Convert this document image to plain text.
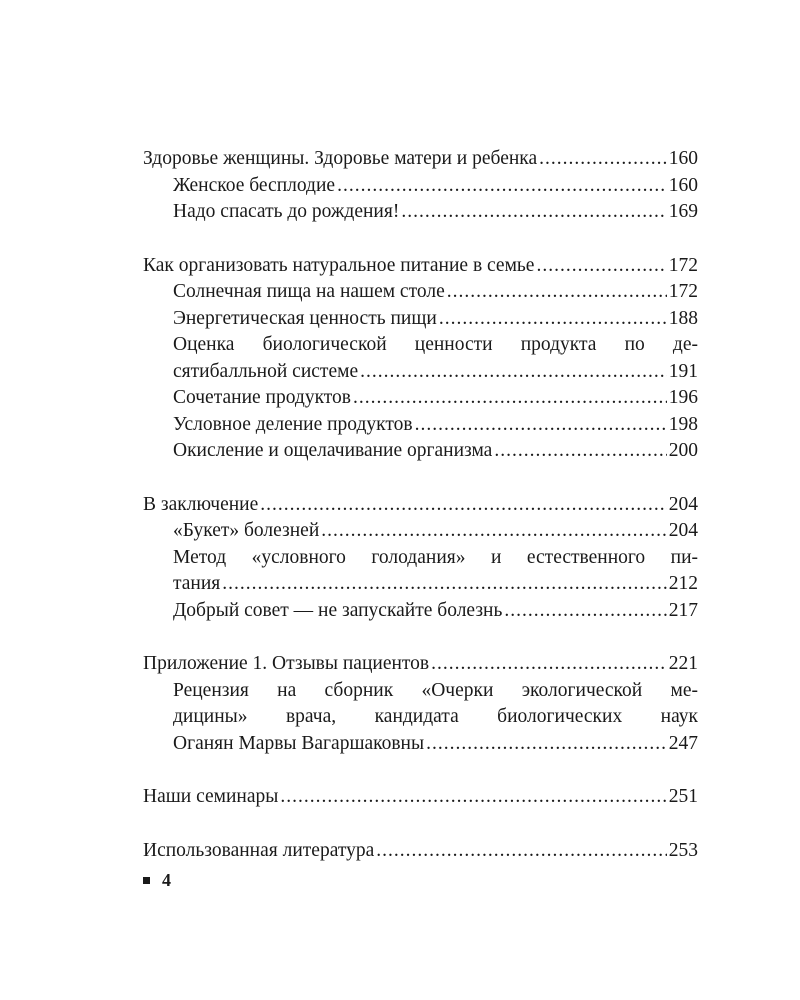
Здоровье женщины. Здоровье матери и ребенка .....	160
Женское бесплодие .....	160
Надо спасать до рождения! .....	169
Как организовать натуральное питание в семье .....	172
Солнечная пища на нашем столе .....	172
Энергетическая ценность пищи .....	188
Оценка биологической ценности продукта по де-
сятибалльной системе .....	191
Сочетание продуктов .....	196
Условное деление продуктов .....	198
Окисление и ощелачивание организма .....	200
В заключение .....	204
«Букет» болезней .....	204
Метод «условного голодания» и естественного пи-
тания .....	212
Добрый совет — не запускайте болезнь .....	217
Приложение 1. Отзывы пациентов .....	221
Рецензия на сборник «Очерки экологической ме-
дицины» врача, кандидата биологических наук
Оганян Марвы Вагаршаковны .....	247
Наши семинары .....	251
Использованная литература .....	253
4
